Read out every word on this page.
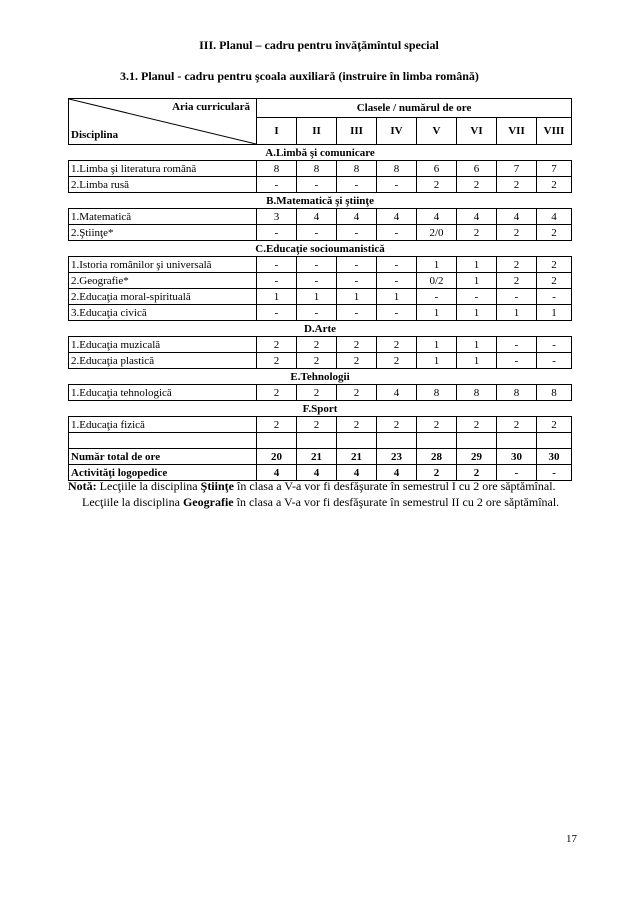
III. Planul – cadru pentru învăţămîntul special
3.1. Planul - cadru pentru şcoala auxiliară (instruire în limba română)
Aria curriculară
Disciplina	Clasele / numărul de ore							
	I	II	III	IV	V	VI	VII	VIII
A.Limbă şi comunicare								
1.Limba şi literatura română	8	8	8	8	6	6	7	7
2.Limba rusă	-	-	-	-	2	2	2	2
B.Matematică şi ştiinţe								
1.Matematică	3	4	4	4	4	4	4	4
2.Ştiinţe*	-	-	-	-	2/0	2	2	2
C.Educaţie socioumanistică								
1.Istoria românilor şi universală	-	-	-	-	1	1	2	2
2.Geografie*	-	-	-	-	0/2	1	2	2
2.Educaţia moral-spirituală	1	1	1	1	-	-	-	-
3.Educaţia civică	-	-	-	-	1	1	1	1
D.Arte								
1.Educaţia muzicală	2	2	2	2	1	1	-	-
2.Educaţia plastică	2	2	2	2	1	1	-	-
E.Tehnologii								
1.Educaţia tehnologică	2	2	2	4	8	8	8	8
F.Sport								
1.Educaţia fizică	2	2	2	2	2	2	2	2

Număr total de ore	20	21	21	23	28	29	30	30
Activităţi logopedice	4	4	4	4	2	2	-	-

Notă: Lecţiile la disciplina Ştiinţe în clasa a V-a vor fi desfăşurate în semestrul I cu 2 ore săptămînal.

Lecţiile la disciplina Geografie în clasa a V-a vor fi desfăşurate în semestrul II cu 2 ore săptămînal.

17
